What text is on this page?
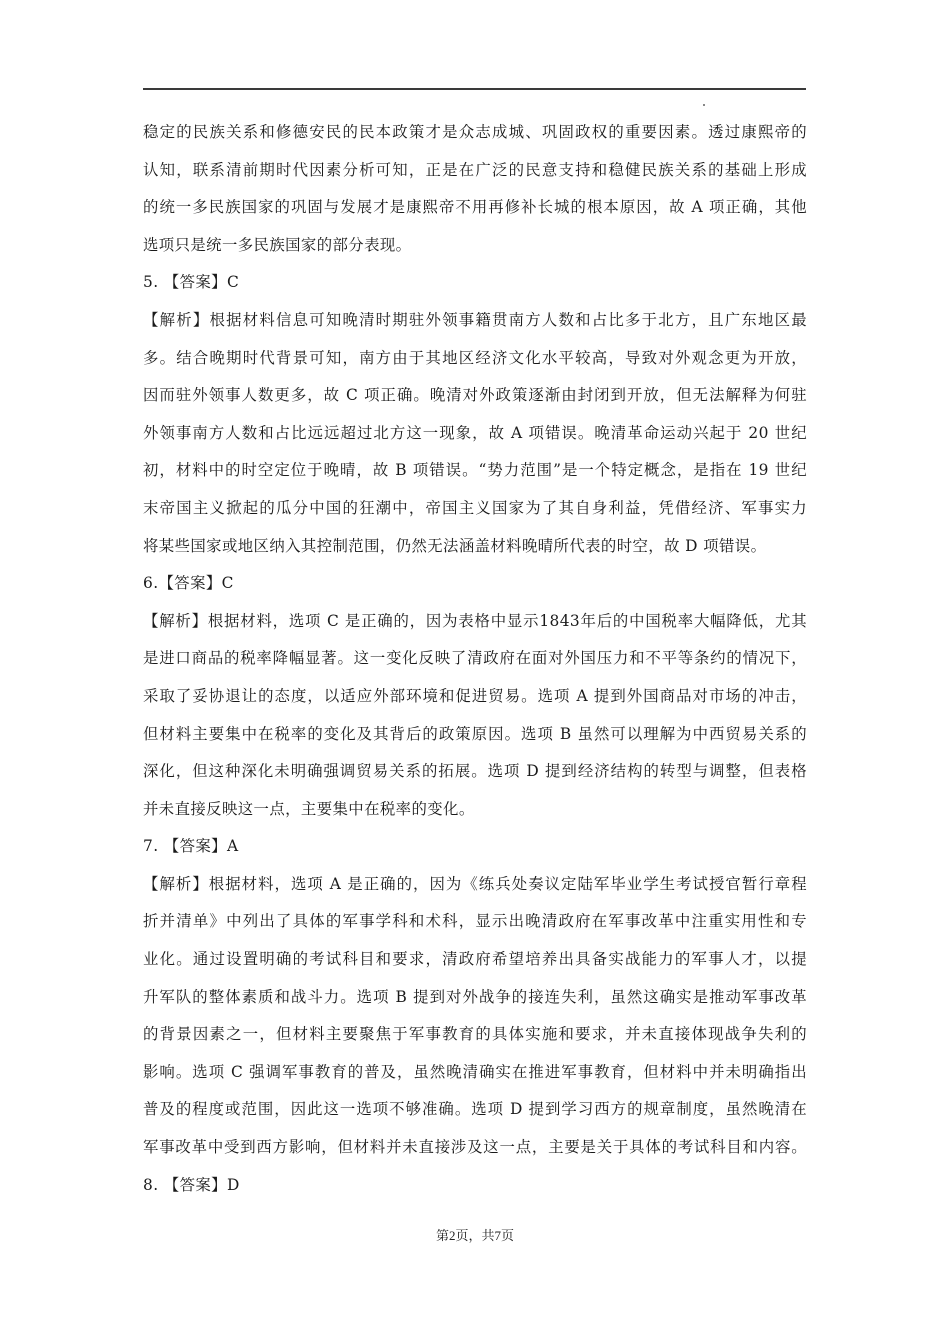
稳定的民族关系和修德安民的民本政策才是众志成城、巩固政权的重要因素。透过康熙帝的
认知，联系清前期时代因素分析可知，正是在广泛的民意支持和稳健民族关系的基础上形成
的统一多民族国家的巩固与发展才是康熙帝不用再修补长城的根本原因，故 A 项正确，其他
选项只是统一多民族国家的部分表现。
5. 【答案】C
【解析】根据材料信息可知晚清时期驻外领事籍贯南方人数和占比多于北方，且广东地区最
多。结合晚期时代背景可知，南方由于其地区经济文化水平较高，导致对外观念更为开放，
因而驻外领事人数更多，故 C 项正确。晚清对外政策逐渐由封闭到开放，但无法解释为何驻
外领事南方人数和占比远远超过北方这一现象，故 A 项错误。晚清革命运动兴起于 20 世纪
初，材料中的时空定位于晚晴，故 B 项错误。“势力范围”是一个特定概念，是指在 19 世纪
末帝国主义掀起的瓜分中国的狂潮中，帝国主义国家为了其自身利益，凭借经济、军事实力
将某些国家或地区纳入其控制范围，仍然无法涵盖材料晚晴所代表的时空，故 D 项错误。
6.【答案】C
【解析】根据材料，选项 C 是正确的，因为表格中显示1843年后的中国税率大幅降低，尤其
是进口商品的税率降幅显著。这一变化反映了清政府在面对外国压力和不平等条约的情况下，
采取了妥协退让的态度，以适应外部环境和促进贸易。选项 A 提到外国商品对市场的冲击，
但材料主要集中在税率的变化及其背后的政策原因。选项 B 虽然可以理解为中西贸易关系的
深化，但这种深化未明确强调贸易关系的拓展。选项 D 提到经济结构的转型与调整，但表格
并未直接反映这一点，主要集中在税率的变化。
7. 【答案】A
【解析】根据材料，选项 A 是正确的，因为《练兵处奏议定陆军毕业学生考试授官暂行章程
折并清单》中列出了具体的军事学科和术科，显示出晚清政府在军事改革中注重实用性和专
业化。通过设置明确的考试科目和要求，清政府希望培养出具备实战能力的军事人才，以提
升军队的整体素质和战斗力。选项 B 提到对外战争的接连失利，虽然这确实是推动军事改革
的背景因素之一，但材料主要聚焦于军事教育的具体实施和要求，并未直接体现战争失利的
影响。选项 C 强调军事教育的普及，虽然晚清确实在推进军事教育，但材料中并未明确指出
普及的程度或范围，因此这一选项不够准确。选项 D 提到学习西方的规章制度，虽然晚清在
军事改革中受到西方影响，但材料并未直接涉及这一点，主要是关于具体的考试科目和内容。
8. 【答案】D
第2页，共7页
